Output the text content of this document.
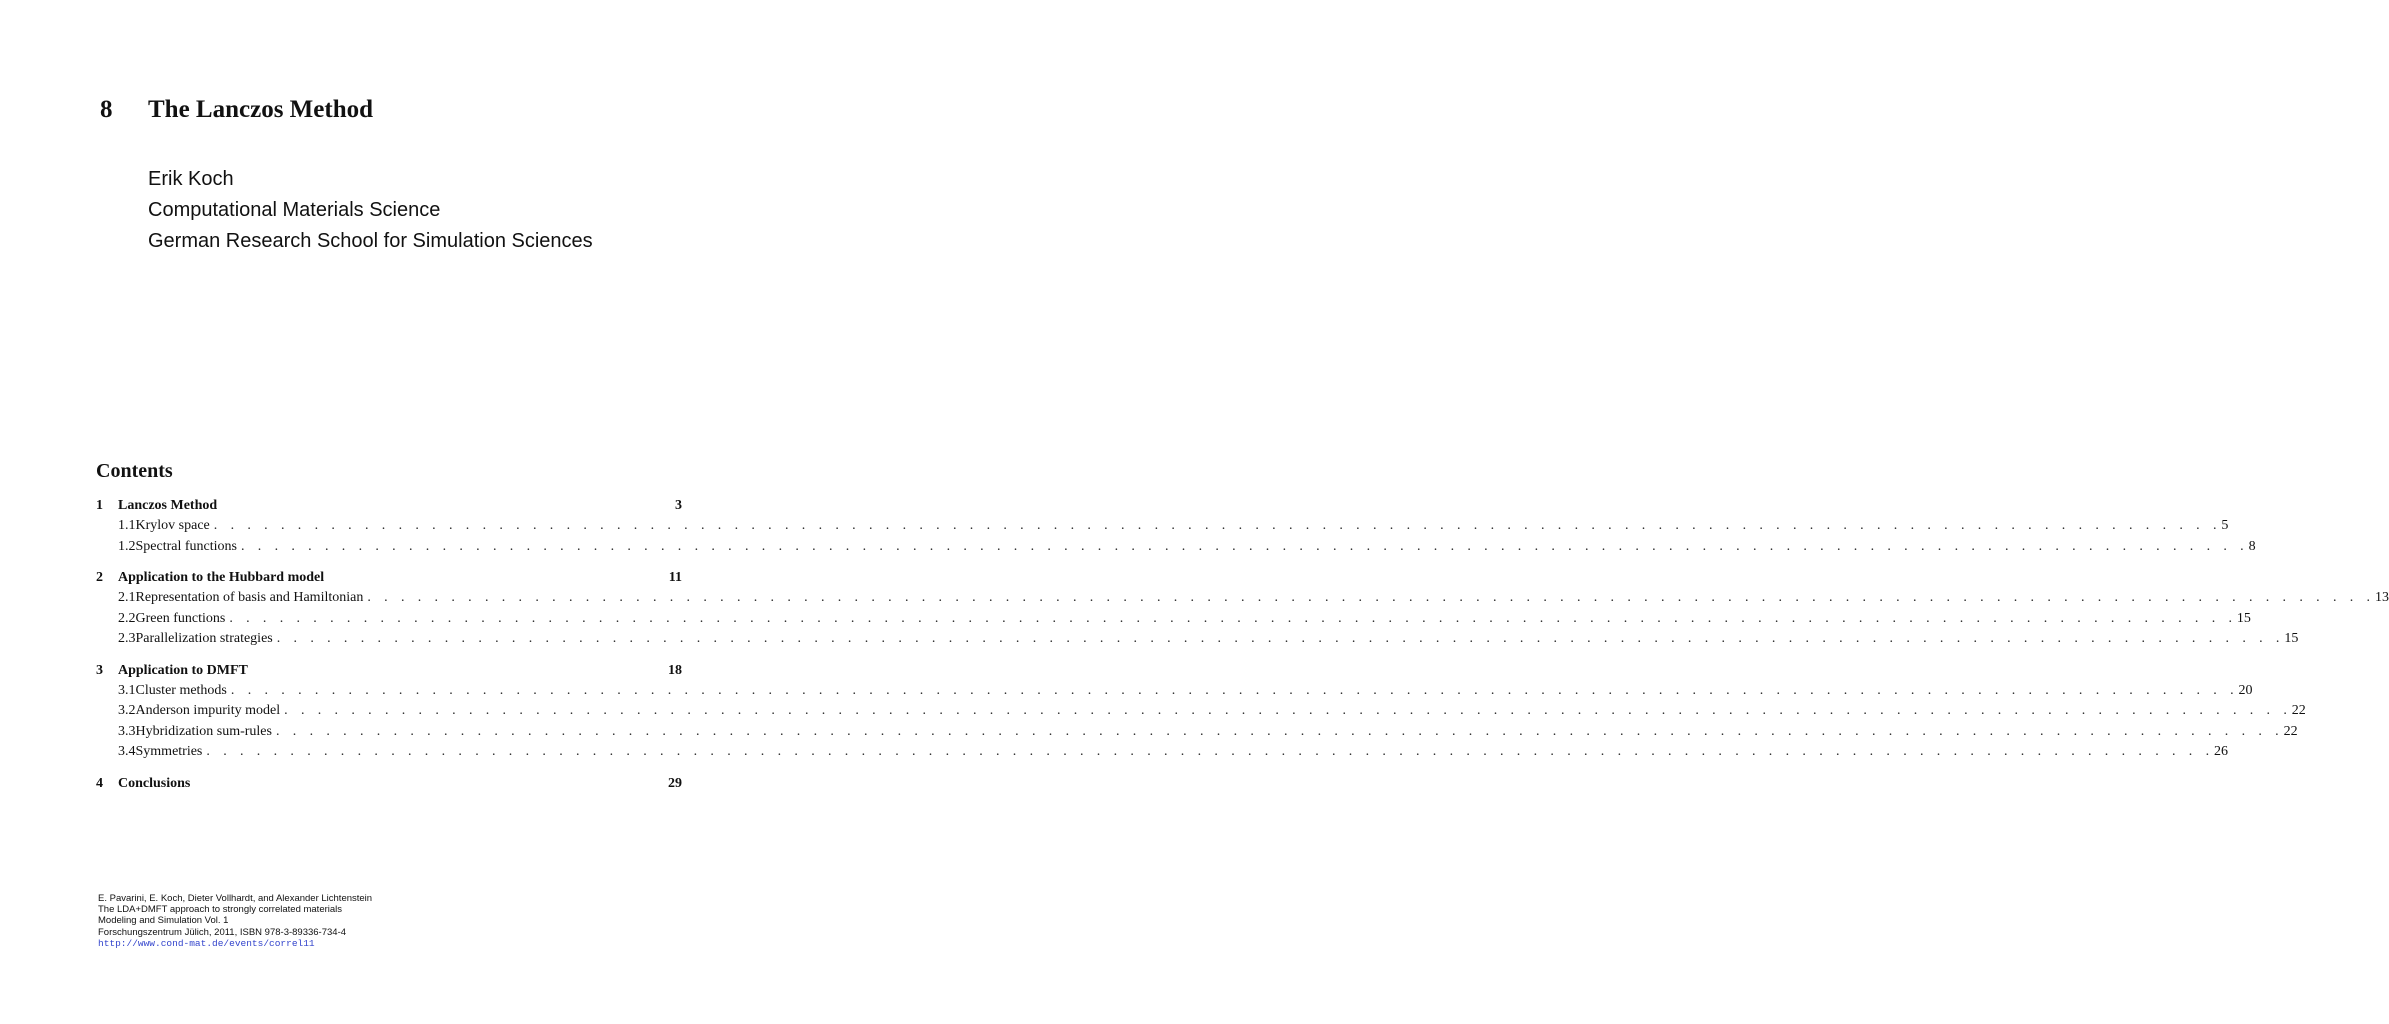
8	The Lanczos Method
Erik Koch
Computational Materials Science
German Research School for Simulation Sciences
Contents
1	Lanczos Method	3
1.1 Krylov space . . . . . . . . . . . . . . . . . . . . . . . . . . . . . . . . . . . . . . . . . . . . . . . . . . . . . . . . . . . . . . . . . . . . . . . . . . . . . . . . . . . . . . . . . . . . . . . . . . . . . . . . . . . . . . . . . . . . . . . . 5
1.2 Spectral functions . . . . . . . . . . . . . . . . . . . . . . . . . . . . . . . . . . . . . . . . . . . . . . . . . . . . . . . . . . . . . . . . . . . . . . . . . . . . . . . . . . . . . . . . . . . . . . . . . . . . . . . . . . . . . . . . . . . . . . . . 8
2	Application to the Hubbard model	11
2.1 Representation of basis and Hamiltonian . . . . . . . . . . . . . . . . . . . . . . . . . . . . . . . . . . . . . . . . . . . . . . . . . . . . . . . . . . . . . . . . . . . . . . . . . . . . . . . . . . . . . . . . . . . . . . . . . . . . . . . . . . . . . . . . . . . . . . . . 13
2.2 Green functions . . . . . . . . . . . . . . . . . . . . . . . . . . . . . . . . . . . . . . . . . . . . . . . . . . . . . . . . . . . . . . . . . . . . . . . . . . . . . . . . . . . . . . . . . . . . . . . . . . . . . . . . . . . . . . . . . . . . . . . . 15
2.3 Parallelization strategies . . . . . . . . . . . . . . . . . . . . . . . . . . . . . . . . . . . . . . . . . . . . . . . . . . . . . . . . . . . . . . . . . . . . . . . . . . . . . . . . . . . . . . . . . . . . . . . . . . . . . . . . . . . . . . . . . . . . . . . . 15
3	Application to DMFT	18
3.1 Cluster methods . . . . . . . . . . . . . . . . . . . . . . . . . . . . . . . . . . . . . . . . . . . . . . . . . . . . . . . . . . . . . . . . . . . . . . . . . . . . . . . . . . . . . . . . . . . . . . . . . . . . . . . . . . . . . . . . . . . . . . . . 20
3.2 Anderson impurity model . . . . . . . . . . . . . . . . . . . . . . . . . . . . . . . . . . . . . . . . . . . . . . . . . . . . . . . . . . . . . . . . . . . . . . . . . . . . . . . . . . . . . . . . . . . . . . . . . . . . . . . . . . . . . . . . . . . . . . . . 22
3.3 Hybridization sum-rules . . . . . . . . . . . . . . . . . . . . . . . . . . . . . . . . . . . . . . . . . . . . . . . . . . . . . . . . . . . . . . . . . . . . . . . . . . . . . . . . . . . . . . . . . . . . . . . . . . . . . . . . . . . . . . . . . . . . . . . . 22
3.4 Symmetries . . . . . . . . . . . . . . . . . . . . . . . . . . . . . . . . . . . . . . . . . . . . . . . . . . . . . . . . . . . . . . . . . . . . . . . . . . . . . . . . . . . . . . . . . . . . . . . . . . . . . . . . . . . . . . . . . . . . . . . . 26
4	Conclusions	29
E. Pavarini, E. Koch, Dieter Vollhardt, and Alexander Lichtenstein
The LDA+DMFT approach to strongly correlated materials
Modeling and Simulation Vol. 1
Forschungszentrum Jülich, 2011, ISBN 978-3-89336-734-4
http://www.cond-mat.de/events/correl11
